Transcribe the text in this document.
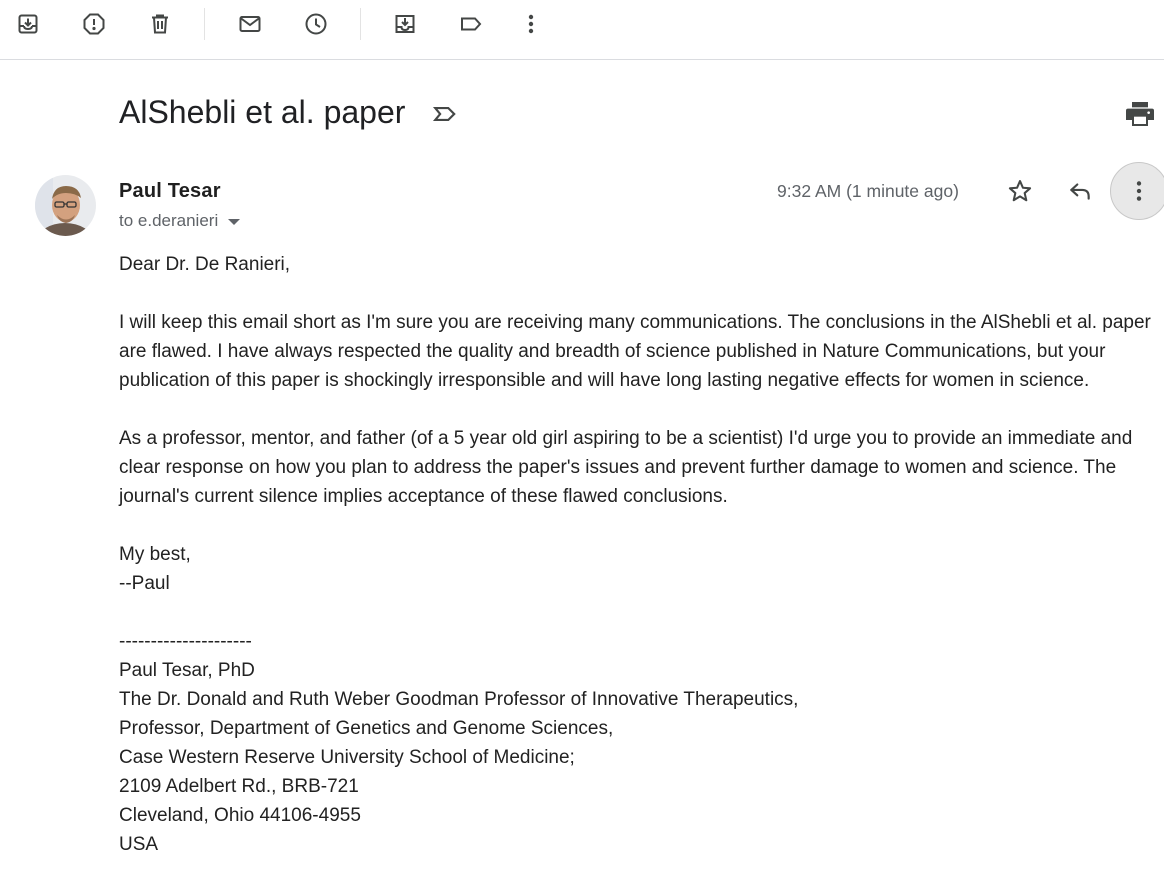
AlShebli et al. paper
Paul Tesar
to e.deranieri
9:32 AM (1 minute ago)

Dear Dr. De Ranieri,

I will keep this email short as I'm sure you are receiving many communications. The conclusions in the AlShebli et al. paper are flawed. I have always respected the quality and breadth of science published in Nature Communications, but your publication of this paper is shockingly irresponsible and will have long lasting negative effects for women in science.

As a professor, mentor, and father (of a 5 year old girl aspiring to be a scientist) I'd urge you to provide an immediate and clear response on how you plan to address the paper's issues and prevent further damage to women and science. The journal's current silence implies acceptance of these flawed conclusions.

My best,
--Paul

---------------------
Paul Tesar, PhD
The Dr. Donald and Ruth Weber Goodman Professor of Innovative Therapeutics,
Professor, Department of Genetics and Genome Sciences,
Case Western Reserve University School of Medicine;
2109 Adelbert Rd., BRB-721
Cleveland, Ohio 44106-4955
USA
